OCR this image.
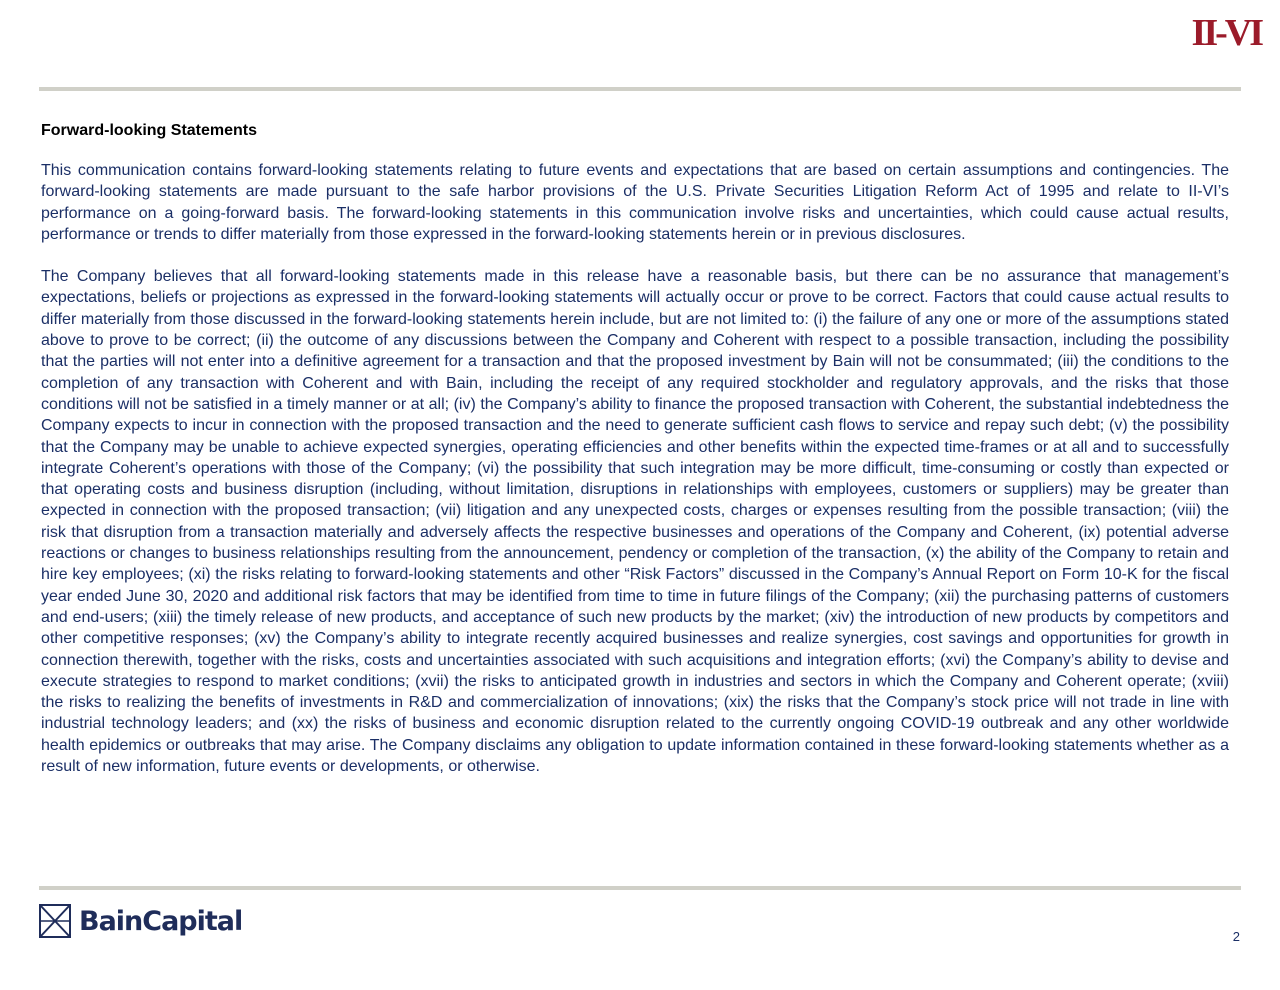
II-VI
Forward-looking Statements

This communication contains forward-looking statements relating to future events and expectations that are based on certain assumptions and contingencies. The forward-looking statements are made pursuant to the safe harbor provisions of the U.S. Private Securities Litigation Reform Act of 1995 and relate to II-VI’s performance on a going-forward basis. The forward-looking statements in this communication involve risks and uncertainties, which could cause actual results, performance or trends to differ materially from those expressed in the forward-looking statements herein or in previous disclosures.

The Company believes that all forward-looking statements made in this release have a reasonable basis, but there can be no assurance that management’s expectations, beliefs or projections as expressed in the forward-looking statements will actually occur or prove to be correct. Factors that could cause actual results to differ materially from those discussed in the forward-looking statements herein include, but are not limited to: (i) the failure of any one or more of the assumptions stated above to prove to be correct; (ii) the outcome of any discussions between the Company and Coherent with respect to a possible transaction, including the possibility that the parties will not enter into a definitive agreement for a transaction and that the proposed investment by Bain will not be consummated; (iii) the conditions to the completion of any transaction with Coherent and with Bain, including the receipt of any required stockholder and regulatory approvals, and the risks that those conditions will not be satisfied in a timely manner or at all; (iv) the Company’s ability to finance the proposed transaction with Coherent, the substantial indebtedness the Company expects to incur in connection with the proposed transaction and the need to generate sufficient cash flows to service and repay such debt; (v) the possibility that the Company may be unable to achieve expected synergies, operating efficiencies and other benefits within the expected time-frames or at all and to successfully integrate Coherent’s operations with those of the Company; (vi) the possibility that such integration may be more difficult, time-consuming or costly than expected or that operating costs and business disruption (including, without limitation, disruptions in relationships with employees, customers or suppliers) may be greater than expected in connection with the proposed transaction; (vii) litigation and any unexpected costs, charges or expenses resulting from the possible transaction; (viii) the risk that disruption from a transaction materially and adversely affects the respective businesses and operations of the Company and Coherent, (ix) potential adverse reactions or changes to business relationships resulting from the announcement, pendency or completion of the transaction, (x) the ability of the Company to retain and hire key employees; (xi) the risks relating to forward-looking statements and other “Risk Factors” discussed in the Company’s Annual Report on Form 10-K for the fiscal year ended June 30, 2020 and additional risk factors that may be identified from time to time in future filings of the Company; (xii) the purchasing patterns of customers and end-users; (xiii) the timely release of new products, and acceptance of such new products by the market; (xiv) the introduction of new products by competitors and other competitive responses; (xv) the Company’s ability to integrate recently acquired businesses and realize synergies, cost savings and opportunities for growth in connection therewith, together with the risks, costs and uncertainties associated with such acquisitions and integration efforts; (xvi) the Company’s ability to devise and execute strategies to respond to market conditions; (xvii) the risks to anticipated growth in industries and sectors in which the Company and Coherent operate; (xviii) the risks to realizing the benefits of investments in R&D and commercialization of innovations; (xix) the risks that the Company’s stock price will not trade in line with industrial technology leaders; and (xx) the risks of business and economic disruption related to the currently ongoing COVID-19 outbreak and any other worldwide health epidemics or outbreaks that may arise. The Company disclaims any obligation to update information contained in these forward-looking statements whether as a result of new information, future events or developments, or otherwise.

BainCapital	2
